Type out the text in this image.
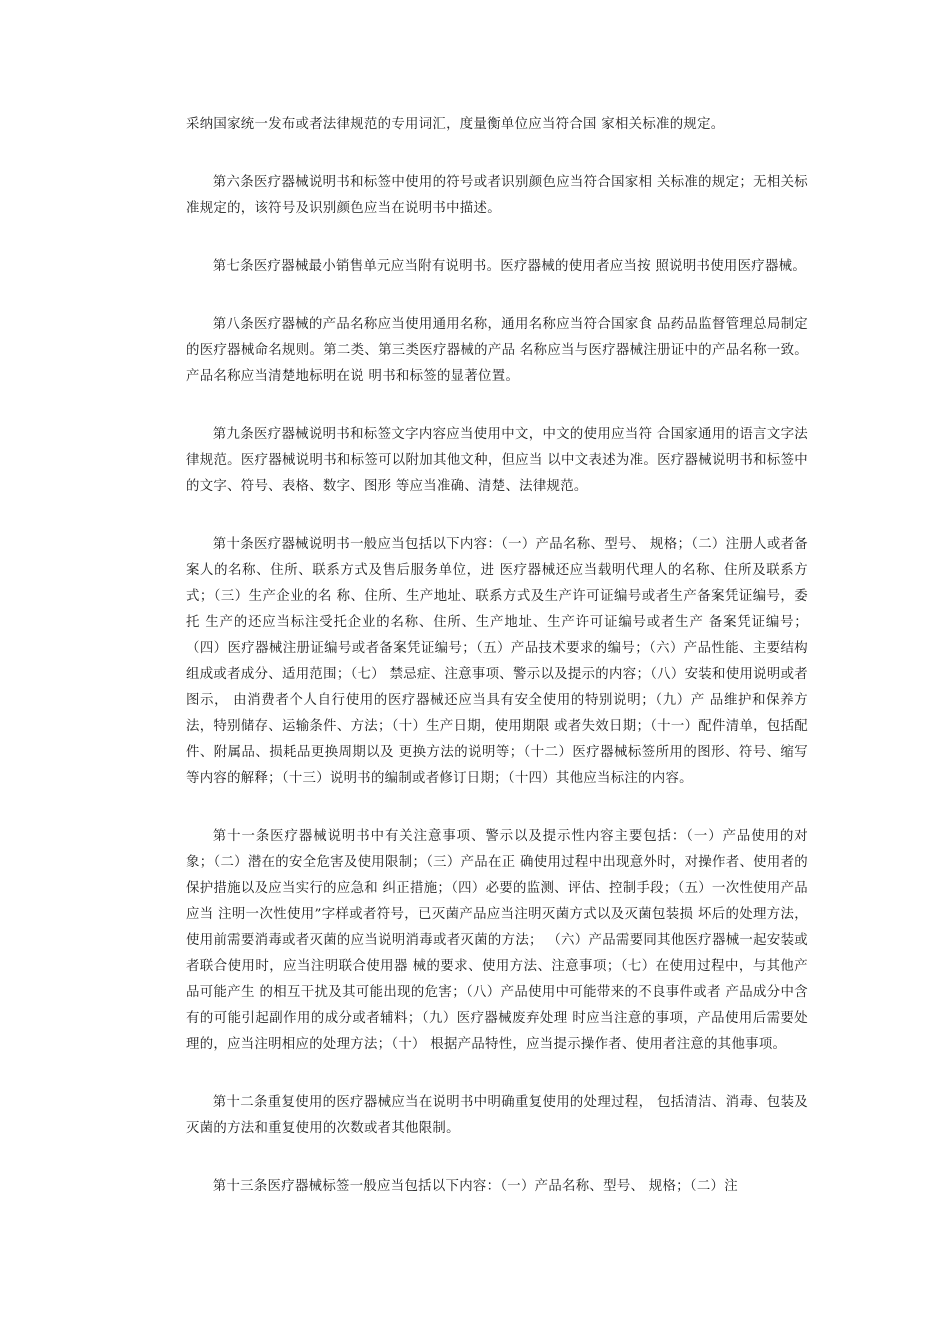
采纳国家统一发布或者法律规范的专用词汇，度量衡单位应当符合国 家相关标准的规定。

第六条医疗器械说明书和标签中使用的符号或者识别颜色应当符合国家相 关标准的规定；无相关标准规定的，该符号及识别颜色应当在说明书中描述。

第七条医疗器械最小销售单元应当附有说明书。医疗器械的使用者应当按 照说明书使用医疗器械。

第八条医疗器械的产品名称应当使用通用名称，通用名称应当符合国家食 品药品监督管理总局制定的医疗器械命名规则。第二类、第三类医疗器械的产品 名称应当与医疗器械注册证中的产品名称一致。产品名称应当清楚地标明在说 明书和标签的显著位置。

第九条医疗器械说明书和标签文字内容应当使用中文，中文的使用应当符 合国家通用的语言文字法律规范。医疗器械说明书和标签可以附加其他文种，但应当 以中文表述为准。医疗器械说明书和标签中的文字、符号、表格、数字、图形 等应当准确、清楚、法律规范。

第十条医疗器械说明书一般应当包括以下内容：（一）产品名称、型号、 规格；（二）注册人或者备案人的名称、住所、联系方式及售后服务单位，进 医疗器械还应当载明代理人的名称、住所及联系方式；（三）生产企业的名 称、住所、生产地址、联系方式及生产许可证编号或者生产备案凭证编号，委托 生产的还应当标注受托企业的名称、住所、生产地址、生产许可证编号或者生产 备案凭证编号；（四）医疗器械注册证编号或者备案凭证编号；（五）产品技术要求的编号；（六）产品性能、主要结构组成或者成分、适用范围；（七） 禁忌症、注意事项、警示以及提示的内容；（八）安装和使用说明或者图示， 由消费者个人自行使用的医疗器械还应当具有安全使用的特别说明；（九）产 品维护和保养方法，特别储存、运输条件、方法；（十）生产日期，使用期限 或者失效日期；（十一）配件清单，包括配件、附属品、损耗品更换周期以及 更换方法的说明等；（十二）医疗器械标签所用的图形、符号、缩写等内容的解释；（十三）说明书的编制或者修订日期；（十四）其他应当标注的内容。

第十一条医疗器械说明书中有关注意事项、警示以及提示性内容主要包括：（一）产品使用的对象；（二）潜在的安全危害及使用限制；（三）产品在正 确使用过程中出现意外时，对操作者、使用者的保护措施以及应当实行的应急和 纠正措施；（四）必要的监测、评估、控制手段；（五）一次性使用产品应当 注明一次性使用”字样或者符号，已灭菌产品应当注明灭菌方式以及灭菌包装损 坏后的处理方法，使用前需要消毒或者灭菌的应当说明消毒或者灭菌的方法； （六）产品需要同其他医疗器械一起安装或者联合使用时，应当注明联合使用器 械的要求、使用方法、注意事项；（七）在使用过程中，与其他产品可能产生 的相互干扰及其可能出现的危害；（八）产品使用中可能带来的不良事件或者 产品成分中含有的可能引起副作用的成分或者辅料；（九）医疗器械废弃处理 时应当注意的事项，产品使用后需要处理的，应当注明相应的处理方法；（十） 根据产品特性，应当提示操作者、使用者注意的其他事项。

第十二条重复使用的医疗器械应当在说明书中明确重复使用的处理过程， 包括清洁、消毒、包装及灭菌的方法和重复使用的次数或者其他限制。

第十三条医疗器械标签一般应当包括以下内容：（一）产品名称、型号、 规格；（二）注
